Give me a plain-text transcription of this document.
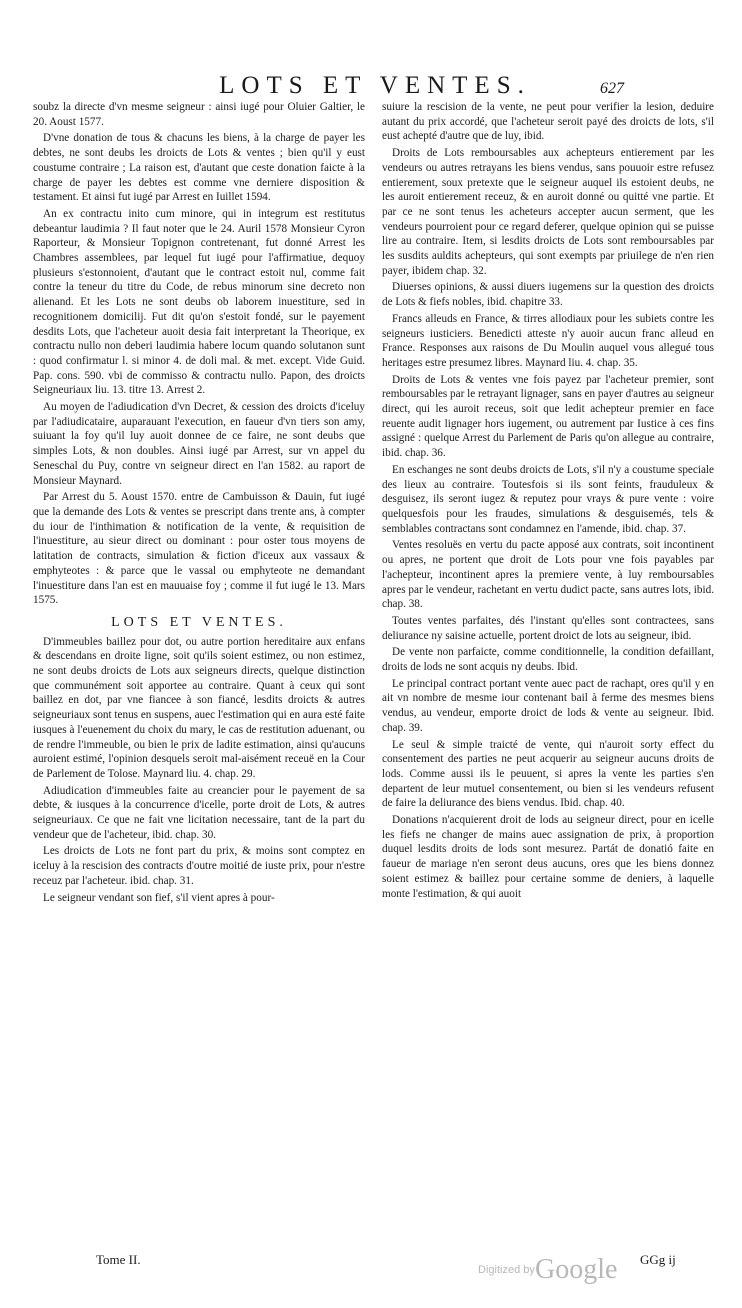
LOTS ET VENTES.	627

soubz la directe d'vn mesme seigneur : ainsi iugé pour Oluier Galtier, le 20. Aoust 1577.

D'vne donation de tous & chacuns les biens, à la charge de payer les debtes, ne sont deubs les droicts de Lots & ventes ; bien qu'il y eust coustume contraire ; La raison est, d'autant que ceste donation faicte à la charge de payer les debtes est comme vne derniere disposition & testament. Et ainsi fut iugé par Arrest en Iuillet 1594.

An ex contractu inito cum minore, qui in integrum est restitutus debeantur laudimia ? Il faut noter que le 24. Auril 1578 Monsieur Cyron Raporteur, & Monsieur Topignon contretenant, fut donné Arrest les Chambres assemblees, par lequel fut iugé pour l'affirmatiue, dequoy plusieurs s'estonnoient, d'autant que le contract estoit nul, comme fait contre la teneur du titre du Code, de rebus minorum sine decreto non alienand. Et les Lots ne sont deubs ob laborem inuestiture, sed in recognitionem domicilij. Fut dit qu'on s'estoit fondé, sur le payement desdits Lots, que l'acheteur auoit desia fait interpretant la Theorique, ex contractu nullo non deberi laudimia habere locum quando solutanon sunt : quod confirmatur l. si minor 4. de doli mal. & met. except. Vide Guid. Pap. cons. 590. vbi de commisso & contractu nullo. Papon, des droicts Seigneuriaux liu. 13. titre 13. Arrest 2.

Au moyen de l'adiudication d'vn Decret, & cession des droicts d'iceluy par l'adiudicataire, auparauant l'execution, en faueur d'vn tiers son amy, suiuant la foy qu'il luy auoit donnee de ce faire, ne sont deubs que simples Lots, & non doubles. Ainsi iugé par Arrest, sur vn appel du Seneschal du Puy, contre vn seigneur direct en l'an 1582. au raport de Monsieur Maynard.

Par Arrest du 5. Aoust 1570. entre de Cambuisson & Dauin, fut iugé que la demande des Lots & ventes se prescript dans trente ans, à compter du iour de l'inthimation & notification de la vente, & requisition de l'inuestiture, au sieur direct ou dominant : pour oster tous moyens de latitation de contracts, simulation & fiction d'iceux aux vassaux & emphyteotes : & parce que le vassal ou emphyteote ne demandant l'inuestiture dans l'an est en mauuaise foy ; comme il fut iugé le 13. Mars 1575.

LOTS ET VENTES.

D'immeubles baillez pour dot, ou autre portion hereditaire aux enfans & descendans en droite ligne, soit qu'ils soient estimez, ou non estimez, ne sont deubs droicts de Lots aux seigneurs directs, quelque distinction que communément soit apportee au contraire. Quant à ceux qui sont baillez en dot, par vne fiancee à son fiancé, lesdits droicts & autres seigneuriaux sont tenus en suspens, auec l'estimation qui en aura esté faite iusques à l'euenement du choix du mary, le cas de restitution aduenant, ou de rendre l'immeuble, ou bien le prix de ladite estimation, ainsi qu'aucuns auroient estimé, l'opinion desquels seroit mal-aisément receuë en la Cour de Parlement de Tolose. Maynard liu. 4. chap. 29.

Adiudication d'immeubles faite au creancier pour le payement de sa debte, & iusques à la concurrence d'icelle, porte droit de Lots, & autres seigneuriaux. Ce que ne fait vne licitation necessaire, tant de la part du vendeur que de l'acheteur, ibid. chap. 30.

Les droicts de Lots ne font part du prix, & moins sont comptez en iceluy à la rescision des contracts d'outre moitié de iuste prix, pour n'estre receuz par l'acheteur. ibid. chap. 31.

Le seigneur vendant son fief, s'il vient apres à pour-

suiure la rescision de la vente, ne peut pour verifier la lesion, deduire autant du prix accordé, que l'acheteur seroit payé des droicts de lots, s'il eust achepté d'autre que de luy, ibid.

Droits de Lots remboursables aux achepteurs entierement par les vendeurs ou autres retrayans les biens vendus, sans pouuoir estre refusez entierement, soux pretexte que le seigneur auquel ils estoient deubs, ne les auroit entierement receuz, & en auroit donné ou quitté vne partie. Et par ce ne sont tenus les acheteurs accepter aucun serment, que les vendeurs pourroient pour ce regard deferer, quelque opinion qui se puisse lire au contraire. Item, si lesdits droicts de Lots sont remboursables par les susdits auldits achepteurs, qui sont exempts par priuilege de n'en rien payer, ibidem chap. 32.

Diuerses opinions, & aussi diuers iugemens sur la question des droicts de Lots & fiefs nobles, ibid. chapitre 33.

Francs alleuds en France, & tirres allodiaux pour les subiets contre les seigneurs iusticiers. Benedicti atteste n'y auoir aucun franc alleud en France. Responses aux raisons de Du Moulin auquel vous allegué tous heritages estre presumez libres. Maynard liu. 4. chap. 35.

Droits de Lots & ventes vne fois payez par l'acheteur premier, sont remboursables par le retrayant lignager, sans en payer d'autres au seigneur direct, qui les auroit receus, soit que ledit achepteur premier en face reuente audit lignager hors iugement, ou autrement par Iustice à ces fins assigné : quelque Arrest du Parlement de Paris qu'on allegue au contraire, ibid. chap. 36.

En eschanges ne sont deubs droicts de Lots, s'il n'y a coustume speciale des lieux au contraire. Toutesfois si ils sont feints, frauduleux & desguisez, ils seront iugez & reputez pour vrays & pure vente : voire quelquesfois pour les fraudes, simulations & desguisemés, tels & semblables contractans sont condamnez en l'amende, ibid. chap. 37.

Ventes resoluës en vertu du pacte apposé aux contrats, soit incontinent ou apres, ne portent que droit de Lots pour vne fois payables par l'achepteur, incontinent apres la premiere vente, à luy remboursables apres par le vendeur, rachetant en vertu dudict pacte, sans autres lots, ibid. chap. 38.

Toutes ventes parfaites, dés l'instant qu'elles sont contractees, sans deliurance ny saisine actuelle, portent droict de lots au seigneur, ibid.

De vente non parfaicte, comme conditionnelle, la condition defaillant, droits de lods ne sont acquis ny deubs. Ibid.

Le principal contract portant vente auec pact de rachapt, ores qu'il y en ait vn nombre de mesme iour contenant bail à ferme des mesmes biens vendus, au vendeur, emporte droict de lods & vente au seigneur. Ibid. chap. 39.

Le seul & simple traicté de vente, qui n'auroit sorty effect du consentement des parties ne peut acquerir au seigneur aucuns droits de lods. Comme aussi ils le peuuent, si apres la vente les parties s'en departent de leur mutuel consentement, ou bien si les vendeurs refusent de faire la deliurance des biens vendus. Ibid. chap. 40.

Donations n'acquierent droit de lods au seigneur direct, pour en icelle les fiefs ne changer de mains auec assignation de prix, à proportion duquel lesdits droits de lods sont mesurez. Partát de donatió faite en faueur de mariage n'en seront deus aucuns, ores que les biens donnez soient estimez & baillez pour certaine somme de deniers, à laquelle monte l'estimation, & qui auoit

Tome II.	GGg ij
Digitized by Google
